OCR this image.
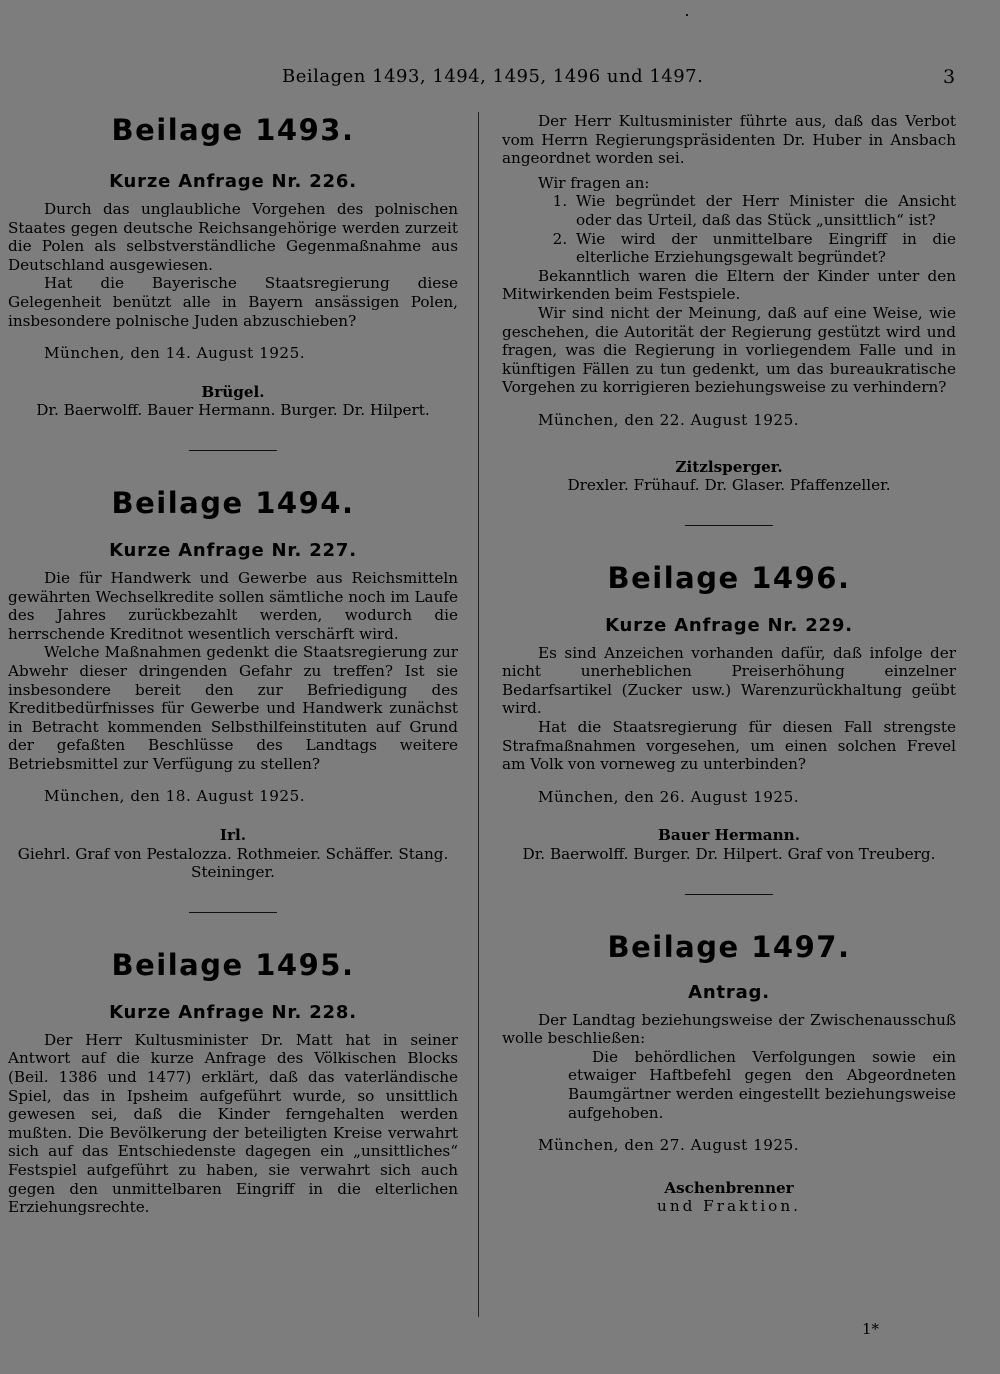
Beilagen 1493, 1494, 1495, 1496 und 1497.	3
Beilage 1493.
Kurze Anfrage Nr. 226.

Durch das unglaubliche Vorgehen des polnischen Staates gegen deutsche Reichsangehörige werden zurzeit die Polen als selbstverständliche Gegenmaßnahme aus Deutschland ausgewiesen.

Hat die Bayerische Staatsregierung diese Gelegenheit benützt alle in Bayern ansässigen Polen, insbesondere polnische Juden abzuschieben?

München, den 14. August 1925.

Brügel.

Dr. Baerwolff. Bauer Hermann. Burger. Dr. Hilpert.

Beilage 1494.
Kurze Anfrage Nr. 227.

Die für Handwerk und Gewerbe aus Reichsmitteln gewährten Wechselkredite sollen sämtliche noch im Laufe des Jahres zurückbezahlt werden, wodurch die herrschende Kreditnot wesentlich verschärft wird.

Welche Maßnahmen gedenkt die Staatsregierung zur Abwehr dieser dringenden Gefahr zu treffen? Ist sie insbesondere bereit den zur Befriedigung des Kreditbedürfnisses für Gewerbe und Handwerk zunächst in Betracht kommenden Selbsthilfeinstituten auf Grund der gefaßten Beschlüsse des Landtags weitere Betriebsmittel zur Verfügung zu stellen?

München, den 18. August 1925.

Irl.

Giehrl. Graf von Pestalozza. Rothmeier. Schäffer. Stang. Steininger.

Beilage 1495.
Kurze Anfrage Nr. 228.

Der Herr Kultusminister Dr. Matt hat in seiner Antwort auf die kurze Anfrage des Völkischen Blocks (Beil. 1386 und 1477) erklärt, daß das vaterländische Spiel, das in Ipsheim aufgeführt wurde, so unsittlich gewesen sei, daß die Kinder ferngehalten werden mußten. Die Bevölkerung der beteiligten Kreise verwahrt sich auf das Entschiedenste dagegen ein „unsittliches“ Festspiel aufgeführt zu haben, sie verwahrt sich auch gegen den unmittelbaren Eingriff in die elterlichen Erziehungsrechte.

Der Herr Kultusminister führte aus, daß das Verbot vom Herrn Regierungspräsidenten Dr. Huber in Ansbach angeordnet worden sei.

Wir fragen an:

1. Wie begründet der Herr Minister die Ansicht oder das Urteil, daß das Stück „unsittlich“ ist?
2. Wie wird der unmittelbare Eingriff in die elterliche Erziehungsgewalt begründet?

Bekanntlich waren die Eltern der Kinder unter den Mitwirkenden beim Festspiele.

Wir sind nicht der Meinung, daß auf eine Weise, wie geschehen, die Autorität der Regierung gestützt wird und fragen, was die Regierung in vorliegendem Falle und in künftigen Fällen zu tun gedenkt, um das bureaukratische Vorgehen zu korrigieren beziehungsweise zu verhindern?

München, den 22. August 1925.

Zitzlsperger.

Drexler. Frühauf. Dr. Glaser. Pfaffenzeller.

Beilage 1496.
Kurze Anfrage Nr. 229.

Es sind Anzeichen vorhanden dafür, daß infolge der nicht unerheblichen Preiserhöhung einzelner Bedarfsartikel (Zucker usw.) Warenzurückhaltung geübt wird.

Hat die Staatsregierung für diesen Fall strengste Strafmaßnahmen vorgesehen, um einen solchen Frevel am Volk von vorneweg zu unterbinden?

München, den 26. August 1925.

Bauer Hermann.

Dr. Baerwolff. Burger. Dr. Hilpert. Graf von Treuberg.

Beilage 1497.
Antrag.

Der Landtag beziehungsweise der Zwischenausschuß wolle beschließen:

Die behördlichen Verfolgungen sowie ein etwaiger Haftbefehl gegen den Abgeordneten Baumgärtner werden eingestellt beziehungsweise aufgehoben.

München, den 27. August 1925.

Aschenbrenner

und Fraktion.

1*
